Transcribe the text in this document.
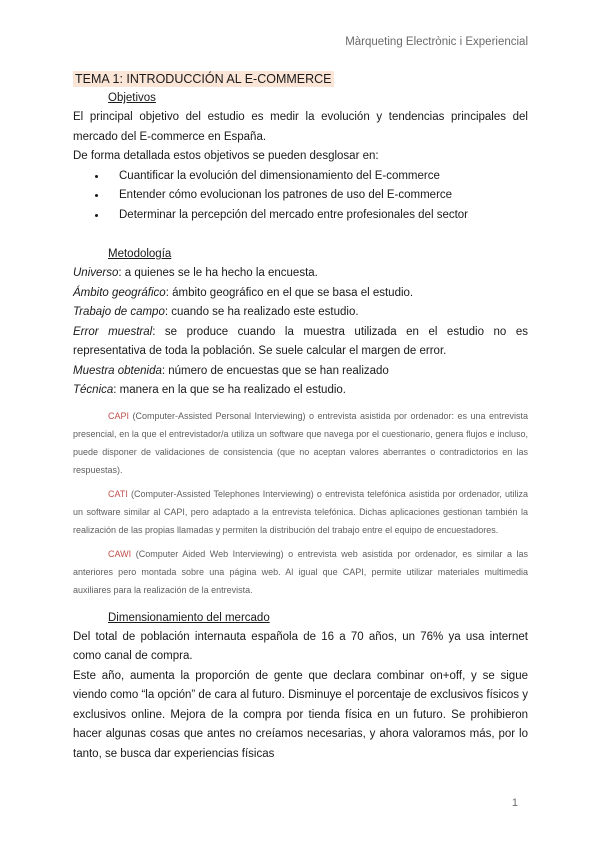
Màrqueting Electrònic i Experiencial
TEMA 1: INTRODUCCIÓN AL E-COMMERCE
Objetivos

El principal objetivo del estudio es medir la evolución y tendencias principales del mercado del E-commerce en España.

De forma detallada estos objetivos se pueden desglosar en:

• Cuantificar la evolución del dimensionamiento del E-commerce
• Entender cómo evolucionan los patrones de uso del E-commerce
• Determinar la percepción del mercado entre profesionales del sector
Metodología

Universo: a quienes se le ha hecho la encuesta.

Ámbito geográfico: ámbito geográfico en el que se basa el estudio.

Trabajo de campo: cuando se ha realizado este estudio.

Error muestral: se produce cuando la muestra utilizada en el estudio no es representativa de toda la población. Se suele calcular el margen de error.

Muestra obtenida: número de encuestas que se han realizado

Técnica: manera en la que se ha realizado el estudio.

CAPI (Computer-Assisted Personal Interviewing) o entrevista asistida por ordenador: es una entrevista presencial, en la que el entrevistador/a utiliza un software que navega por el cuestionario, genera flujos e incluso, puede disponer de validaciones de consistencia (que no aceptan valores aberrantes o contradictorios en las respuestas).

CATI (Computer-Assisted Telephones Interviewing) o entrevista telefónica asistida por ordenador, utiliza un software similar al CAPI, pero adaptado a la entrevista telefónica. Dichas aplicaciones gestionan también la realización de las propias llamadas y permiten la distribución del trabajo entre el equipo de encuestadores.

CAWI (Computer Aided Web Interviewing) o entrevista web asistida por ordenador, es similar a las anteriores pero montada sobre una página web. Al igual que CAPI, permite utilizar materiales multimedia auxiliares para la realización de la entrevista.

Dimensionamiento del mercado

Del total de población internauta española de 16 a 70 años, un 76% ya usa internet como canal de compra.

Este año, aumenta la proporción de gente que declara combinar on+off, y se sigue viendo como “la opción” de cara al futuro. Disminuye el porcentaje de exclusivos físicos y exclusivos online. Mejora de la compra por tienda física en un futuro. Se prohibieron hacer algunas cosas que antes no creíamos necesarias, y ahora valoramos más, por lo tanto, se busca dar experiencias físicas

1
